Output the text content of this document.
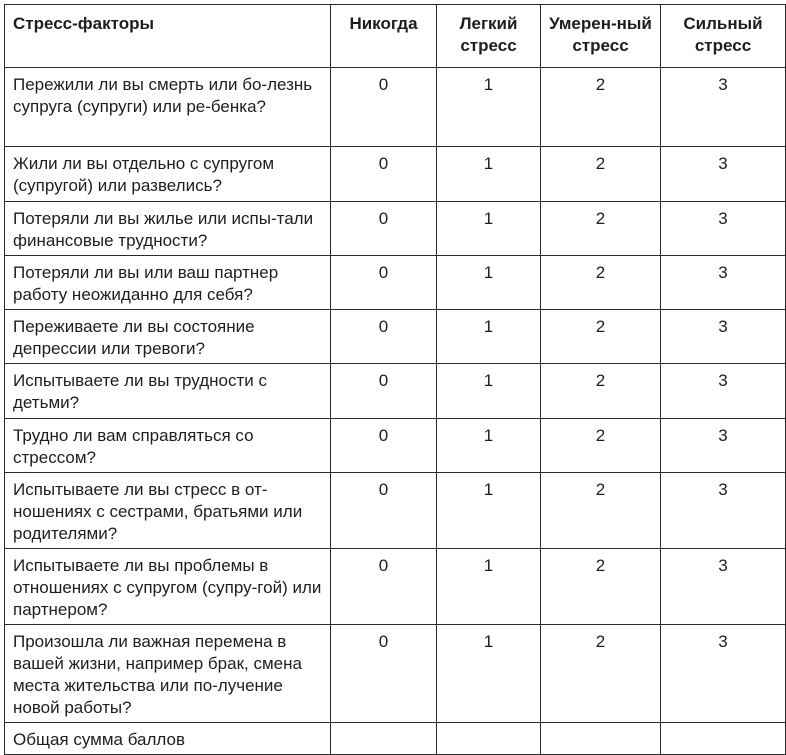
Стресс-факторы	Никогда	Легкий стресс	Умерен-ный стресс	Сильный стресс

Пережили ли вы смерть или бо-лезнь супруга (супруги) или ре-бенка?	0	1	2	3
Жили ли вы отдельно с супругом (супругой) или развелись?	0	1	2	3
Потеряли ли вы жилье или испы-тали финансовые трудности?	0	1	2	3
Потеряли ли вы или ваш партнер работу неожиданно для себя?	0	1	2	3
Переживаете ли вы состояние депрессии или тревоги?	0	1	2	3
Испытываете ли вы трудности с детьми?	0	1	2	3
Трудно ли вам справляться со стрессом?	0	1	2	3
Испытываете ли вы стресс в от-ношениях с сестрами, братьями или родителями?	0	1	2	3
Испытываете ли вы проблемы в отношениях с супругом (супру-гой) или партнером?	0	1	2	3
Произошла ли важная перемена в вашей жизни, например брак, смена места жительства или по-лучение новой работы?	0	1	2	3
Общая сумма баллов				
